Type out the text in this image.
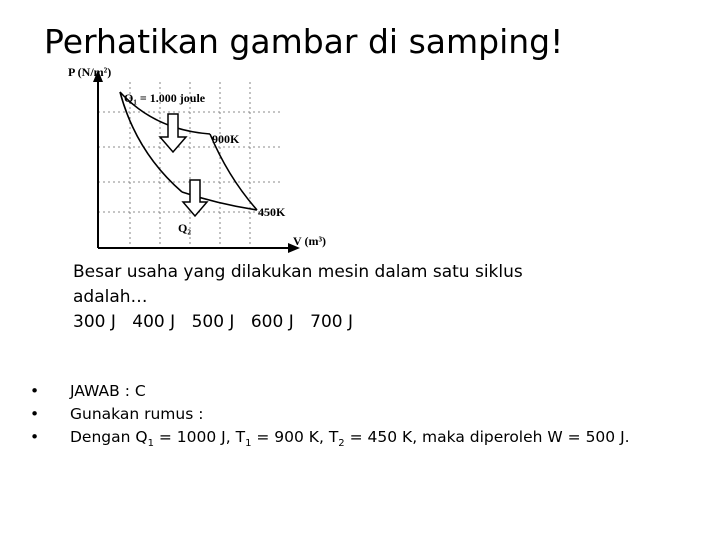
Perhatikan gambar di samping!
P (N/m²)
V (m³)
Q₁ = 1.000 joule
900K
450K
Q₂
Besar usaha yang dilakukan mesin dalam satu siklus
adalah…
300 J 400 J 500 J 600 J 700 J
• JAWAB : C
• Gunakan rumus :
• Dengan $Q_1 = 1000$ J, $T_1 = 900$ K, $T_2 = 450$ K, maka diperoleh W = 500 J.
